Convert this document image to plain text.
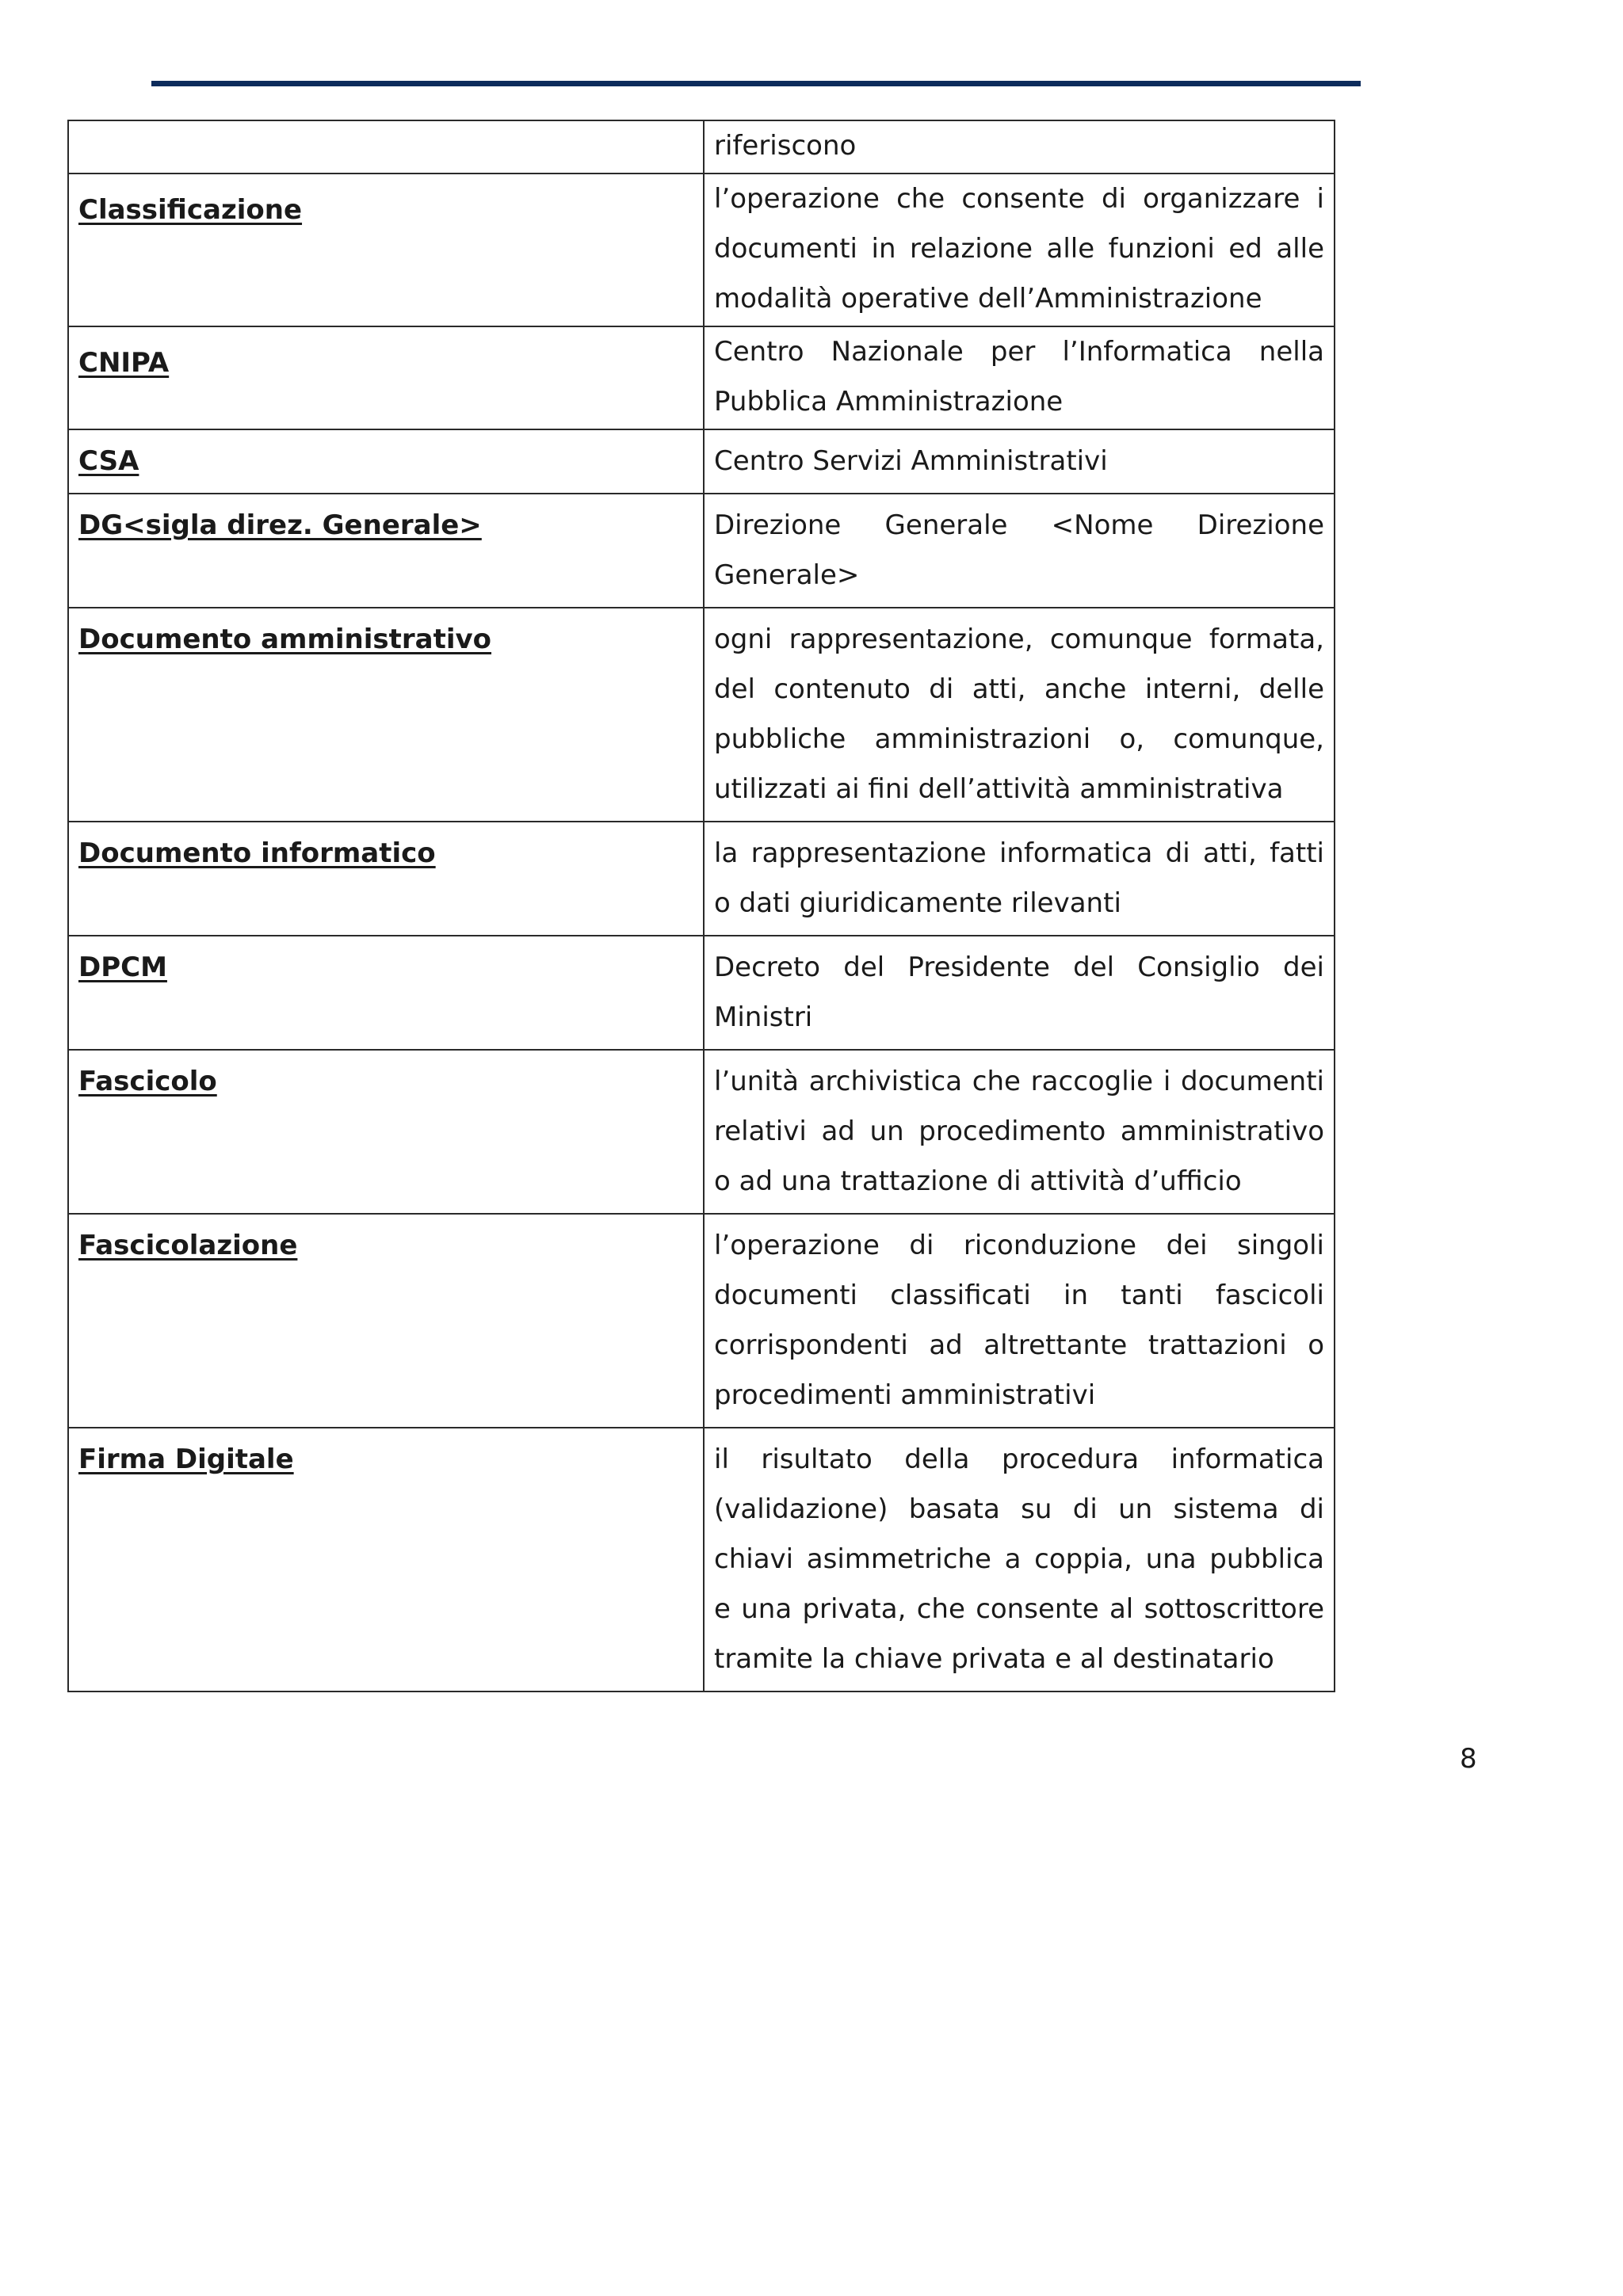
	riferiscono
Classificazione	l’operazione che consente di organizzare i documenti in relazione alle funzioni ed alle modalità operative dell’Amministrazione
CNIPA	Centro Nazionale per l’Informatica nella Pubblica Amministrazione
CSA	Centro Servizi Amministrativi
DG<sigla direz. Generale>	Direzione Generale <Nome Direzione Generale>
Documento amministrativo	ogni rappresentazione, comunque formata, del contenuto di atti, anche interni, delle pubbliche amministrazioni o, comunque, utilizzati ai fini dell’attività amministrativa
Documento informatico	la rappresentazione informatica di atti, fatti o dati giuridicamente rilevanti
DPCM	Decreto del Presidente del Consiglio dei Ministri
Fascicolo	l’unità archivistica che raccoglie i documenti relativi ad un procedimento amministrativo o ad una trattazione di attività d’ufficio
Fascicolazione	l’operazione di riconduzione dei singoli documenti classificati in tanti fascicoli corrispondenti ad altrettante trattazioni o procedimenti amministrativi
Firma Digitale	il risultato della procedura informatica (validazione) basata su di un sistema di chiavi asimmetriche a coppia, una pubblica e una privata, che consente al sottoscrittore tramite la chiave privata e al destinatario
8
